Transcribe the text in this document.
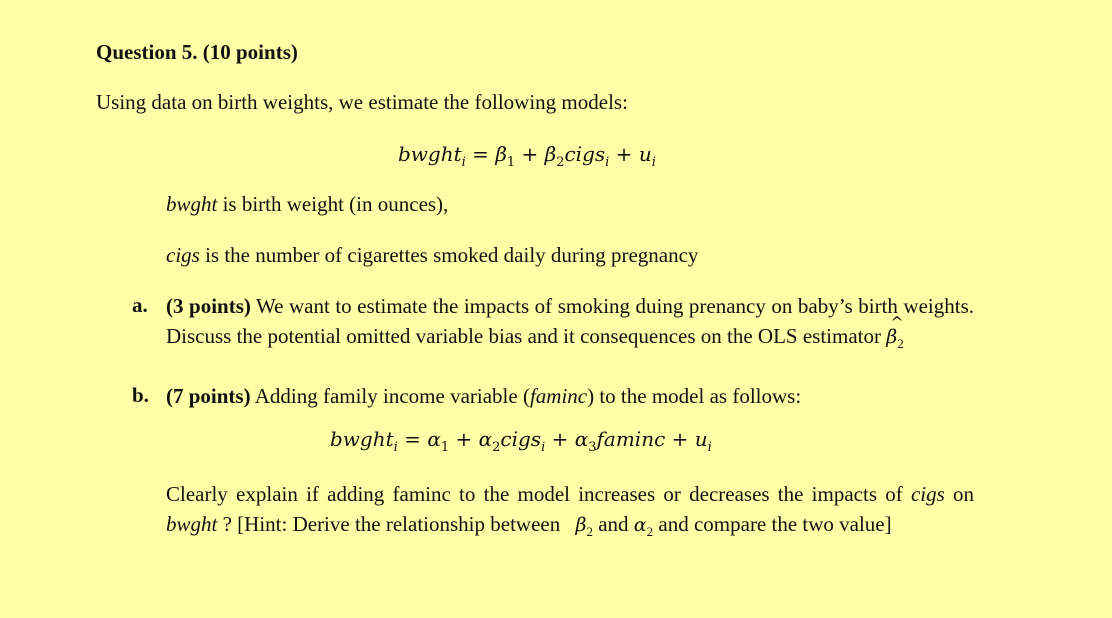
Question 5. (10 points)
Using data on birth weights, we estimate the following models:
bwght$_i$ = $\beta_1$ + $\beta_2cigs_i + u_i$
bwght is birth weight (in ounces),
cigs is the number of cigarettes smoked daily during pregnancy
a. (3 points) We want to estimate the impacts of smoking duing prenancy on baby’s birth weights. Discuss the potential omitted variable bias and it consequences on the OLS estimator ^ $\beta_2$
b. (7 points) Adding family income variable (faminc) to the model as follows:
bwght$_i$ = $\alpha_1$ + $\alpha_2cigs_i + \alpha_3faminc + u_i$
Clearly explain if adding faminc to the model increases or decreases the impacts of cigs on bwght ? [Hint: Derive the relationship between $\beta_2$ and $\alpha_2$ and compare the two value]
